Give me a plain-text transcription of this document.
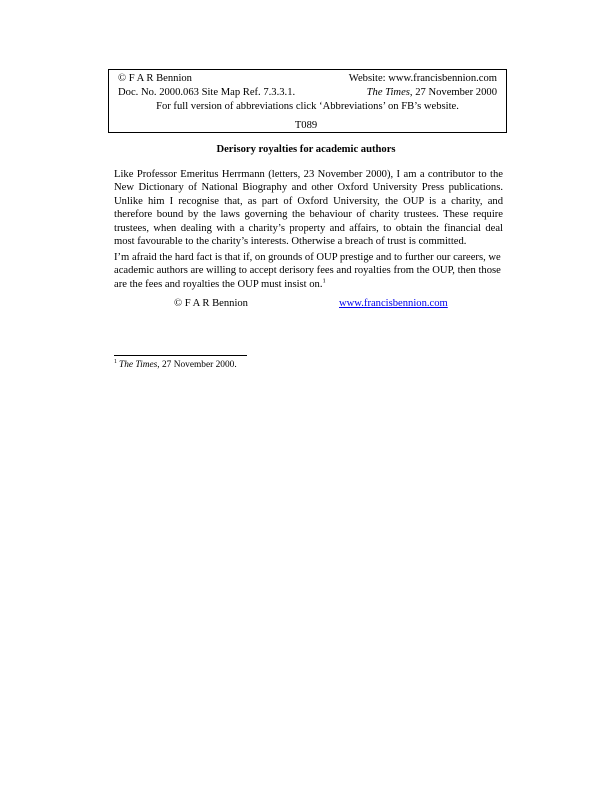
© F A R Bennion	Website: www.francisbennion.com
Doc. No. 2000.063 Site Map Ref. 7.3.3.1.	The Times, 27 November 2000
For full version of abbreviations click ‘Abbreviations’ on FB’s website.
T089
Derisory royalties for academic authors

Like Professor Emeritus Herrmann (letters, 23 November 2000), I am a contributor to the New Dictionary of National Biography and other Oxford University Press publications. Unlike him I recognise that, as part of Oxford University, the OUP is a charity, and therefore bound by the laws governing the behaviour of charity trustees. These require trustees, when dealing with a charity’s property and affairs, to obtain the financial deal most favourable to the charity’s interests. Otherwise a breach of trust is committed.

I’m afraid the hard fact is that if, on grounds of OUP prestige and to further our careers, we academic authors are willing to accept derisory fees and royalties from the OUP, then those are the fees and royalties the OUP must insist on.$^1$

© F A R Bennion	www.francisbennion.com
$^1$ The Times, 27 November 2000.
